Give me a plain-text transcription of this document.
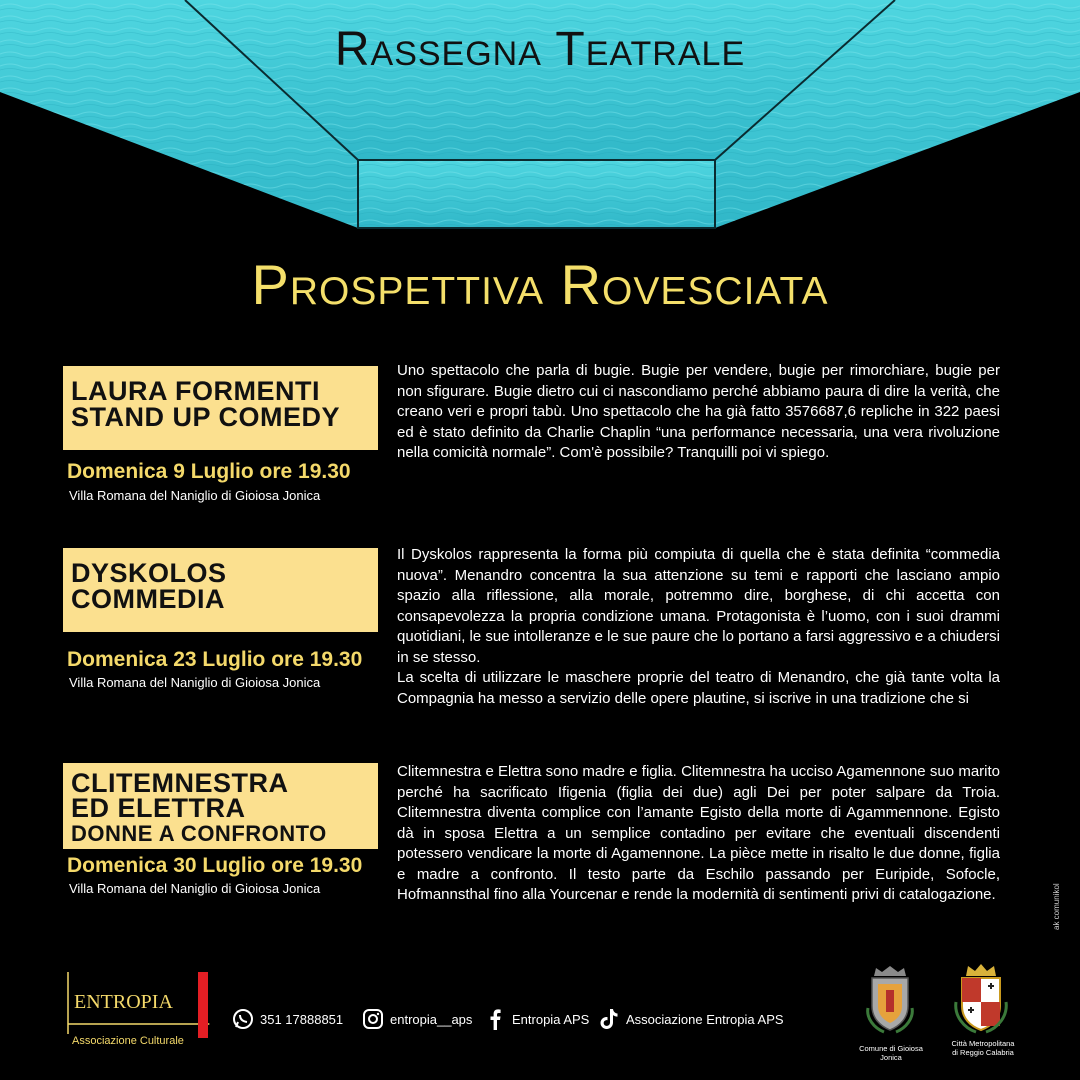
Rassegna Teatrale
Prospettiva Rovesciata
LAURA FORMENTI
STAND UP COMEDY
Domenica 9 Luglio ore 19.30
Villa Romana del Naniglio di Gioiosa Jonica

Uno spettacolo che parla di bugie. Bugie per vendere, bugie per rimorchiare, bugie per non sfigurare. Bugie dietro cui ci nascondiamo perché abbiamo paura di dire la verità, che creano veri e propri tabù. Uno spettacolo che ha già fatto 3576687,6 repliche in 322 paesi ed è stato definito da Charlie Chaplin “una performance necessaria, una vera rivoluzione nella comicità normale”. Com'è possibile? Tranquilli poi vi spiego.

DYSKOLOS
COMMEDIA
Domenica 23 Luglio ore 19.30
Villa Romana del Naniglio di Gioiosa Jonica

Il Dyskolos rappresenta la forma più compiuta di quella che è stata definita “commedia nuova”. Menandro concentra la sua attenzione su temi e rapporti che lasciano ampio spazio alla riflessione, alla morale, potremmo dire, borghese, di chi accetta con consapevolezza la propria condizione umana. Protagonista è l’uomo, con i suoi drammi quotidiani, le sue intolleranze e le sue paure che lo portano a farsi aggressivo e a chiudersi in se stesso.

La scelta di utilizzare le maschere proprie del teatro di Menandro, che già tante volta la Compagnia ha messo a servizio delle opere plautine, si iscrive in una tradizione che si

CLITEMNESTRA
ED ELETTRA
DONNE A CONFRONTO
Domenica 30 Luglio ore 19.30
Villa Romana del Naniglio di Gioiosa Jonica

Clitemnestra e Elettra sono madre e figlia. Clitemnestra ha ucciso Agamennone suo marito perché ha sacrificato Ifigenia (figlia dei due) agli Dei per poter salpare da Troia. Clitemnestra diventa complice con l’amante Egisto della morte di Agammennone. Egisto dà in sposa Elettra a un semplice contadino per evitare che eventuali discendenti potessero vendicare la morte di Agamennone. La pièce mette in risalto le due donne, figlia e madre a confronto. Il testo parte da Eschilo passando per Euripide, Sofocle, Hofmannsthal fino alla Yourcenar e rende la modernità di sentimenti privi di catalogazione.

ENTROPIA
Associazione Culturale
351 17888851	entropia__aps	Entropia APS	Associazione Entropia APS
Comune di Gioiosa Jonica
Città Metropolitana
di Reggio Calabria
ak comunikol
